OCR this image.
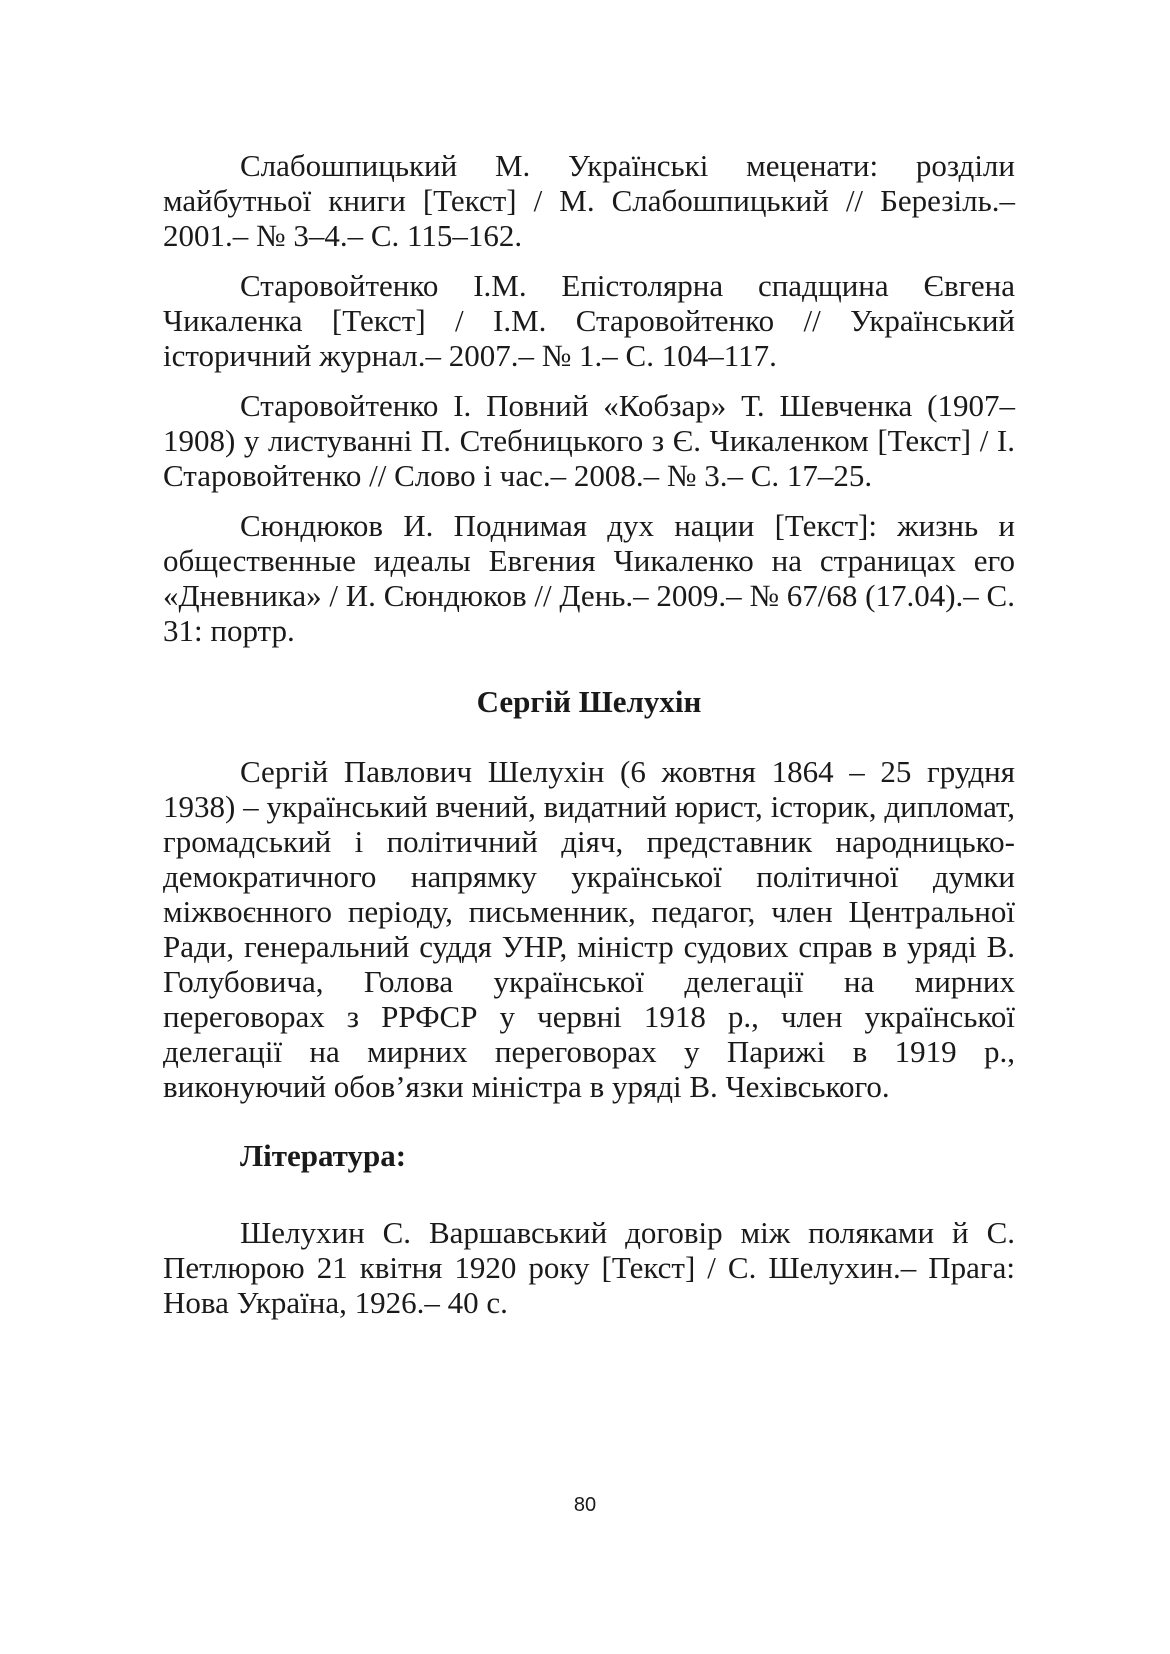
Слабошпицький М. Українські меценати: розділи майбутньої книги [Текст] / М. Слабошпицький // Березіль.– 2001.– № 3–4.– С. 115–162.

Старовойтенко І.М. Епістолярна спадщина Євгена Чикаленка [Текст] / І.М. Старовойтенко // Український історичний журнал.– 2007.– № 1.– С. 104–117.

Старовойтенко І. Повний «Кобзар» Т. Шевченка (1907–1908) у листуванні П. Стебницького з Є. Чикаленком [Текст] / І. Старовойтенко // Слово і час.– 2008.– № 3.– С. 17–25.

Сюндюков И. Поднимая дух нации [Текст]: жизнь и общественные идеалы Евгения Чикаленко на страницах его «Дневника» / И. Сюндюков // День.– 2009.– № 67/68 (17.04).– С. 31: портр.

Сергій Шелухін

Сергій Павлович Шелухін (6 жовтня 1864 – 25 грудня 1938) – український вчений, видатний юрист, історик, дипломат, громадський і політичний діяч, представник народницько-демократичного напрямку української політичної думки міжвоєнного періоду, письменник, педагог, член Центральної Ради, генеральний суддя УНР, міністр судових справ в уряді В. Голубовича, Голова української делегації на мирних переговорах з РРФСР у червні 1918 р., член української делегації на мирних переговорах у Парижі в 1919 р., виконуючий обов’язки міністра в уряді В. Чехівського.

Література:

Шелухин С. Варшавський договір між поляками й С. Петлюрою 21 квітня 1920 року [Текст] / С. Шелухин.– Прага: Нова Україна, 1926.– 40 с.

80
